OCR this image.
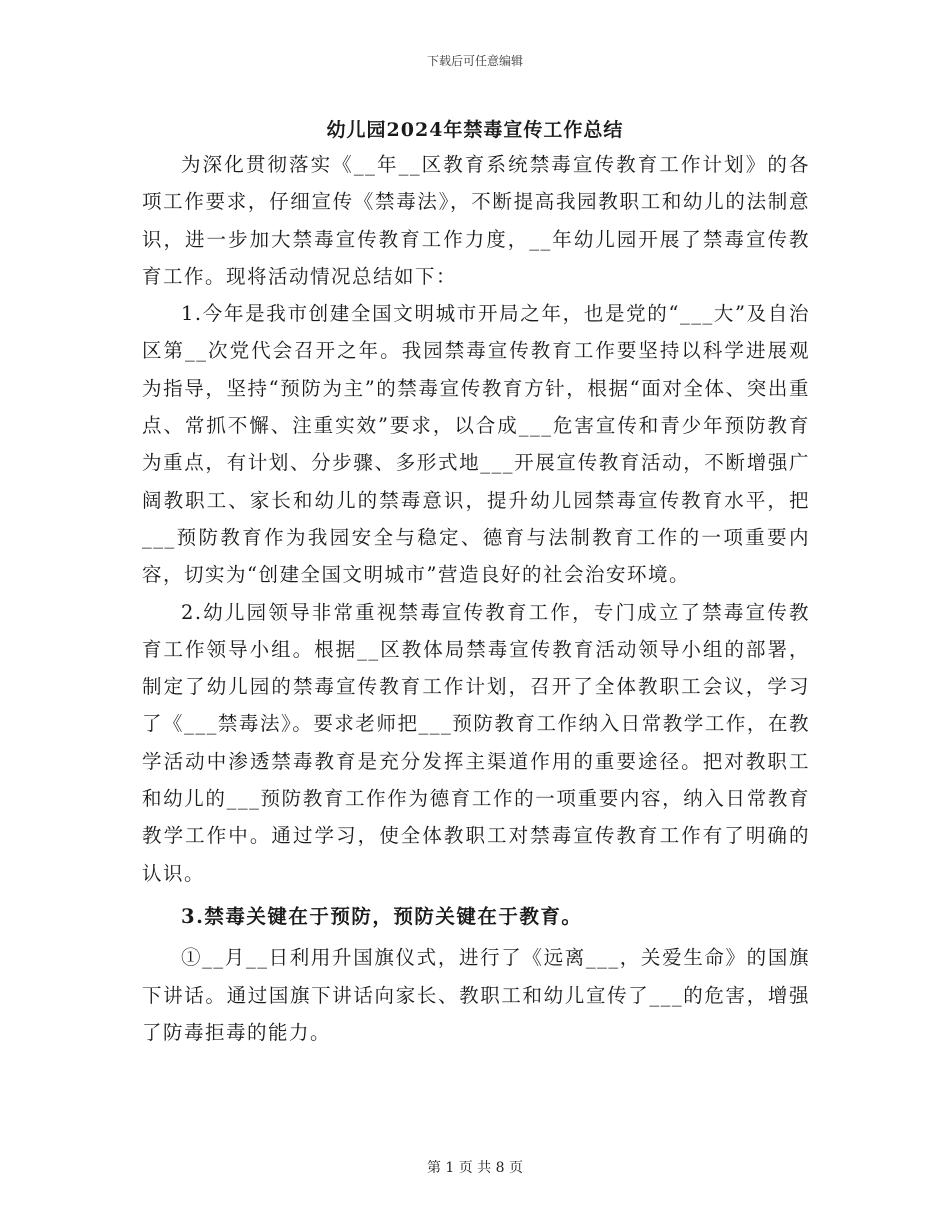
下载后可任意编辑
幼儿园2024年禁毒宣传工作总结

为深化贯彻落实《__年__区教育系统禁毒宣传教育工作计划》的各项工作要求，仔细宣传《禁毒法》，不断提高我园教职工和幼儿的法制意识，进一步加大禁毒宣传教育工作力度，__年幼儿园开展了禁毒宣传教育工作。现将活动情况总结如下：

1.今年是我市创建全国文明城市开局之年，也是党的“___大”及自治区第__次党代会召开之年。我园禁毒宣传教育工作要坚持以科学进展观为指导，坚持“预防为主”的禁毒宣传教育方针，根据“面对全体、突出重点、常抓不懈、注重实效”要求，以合成___危害宣传和青少年预防教育为重点，有计划、分步骤、多形式地___开展宣传教育活动，不断增强广阔教职工、家长和幼儿的禁毒意识，提升幼儿园禁毒宣传教育水平，把___预防教育作为我园安全与稳定、德育与法制教育工作的一项重要内容，切实为“创建全国文明城市”营造良好的社会治安环境。

2.幼儿园领导非常重视禁毒宣传教育工作，专门成立了禁毒宣传教育工作领导小组。根据__区教体局禁毒宣传教育活动领导小组的部署，制定了幼儿园的禁毒宣传教育工作计划，召开了全体教职工会议，学习了《___禁毒法》。要求老师把___预防教育工作纳入日常教学工作，在教学活动中渗透禁毒教育是充分发挥主渠道作用的重要途径。把对教职工和幼儿的___预防教育工作作为德育工作的一项重要内容，纳入日常教育教学工作中。通过学习，使全体教职工对禁毒宣传教育工作有了明确的认识。

3.禁毒关键在于预防，预防关键在于教育。

①__月__日利用升国旗仪式，进行了《远离___，关爱生命》的国旗下讲话。通过国旗下讲话向家长、教职工和幼儿宣传了___的危害，增强了防毒拒毒的能力。

第 1 页 共 8 页
